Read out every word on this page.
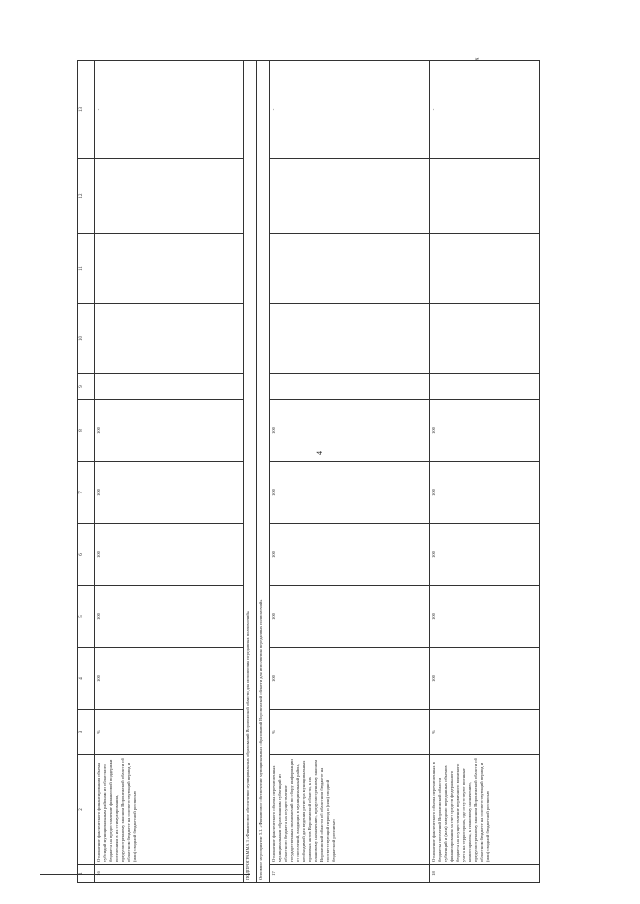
4
х
1	2	3	4	5	6	7	8	9	10	11	12	13
16	Отношение фактического финансирования объема субсидий муниципальным районам из областного бюджета на предоставление финансовой поддержки поселениям в их стимулировании, предусмотренному законом Воронежской области об областном бюджете на соответствующий период и (или) сводной бюджетной росписью	%	100	100	100	100	100					-
ПОДПРОГРАММА 3 «Финансовое обеспечение муниципальных образований Воронежской области для исполнения переданных полномочий»												
Основное мероприятие 3.1. «Финансовое обеспечение муниципальных образований Воронежской области для исполнения переданных полномочий»												
17	Отношение фактического объема перечисленных муниципальным образованиям субвенций из областного бюджета на осуществление государственных полномочий по сбору информации от поселений, входящих в муниципальный район, необходимой для ведения регистра муниципальных правовых актов Воронежской области, к их плановому назначению, предусмотренному законом Воронежской области об областном бюджете на соответствующий период и (или) сводной бюджетной росписью	%	100	100	100	100	100					-
18	Отношение фактического объема перечисленных в бюджеты поселений Воронежской области субвенций и (или) заведомо переданных объемов финансирования за счет средств федерального бюджета на осуществление первичного воинского учета на территориях, где отсутствуют военные комиссариаты, к плановому назначению, предусмотренному законом Воронежской области об областном бюджете на соответствующий период и (или) сводной бюджетной росписью	%	100	100	100	100	100					-
